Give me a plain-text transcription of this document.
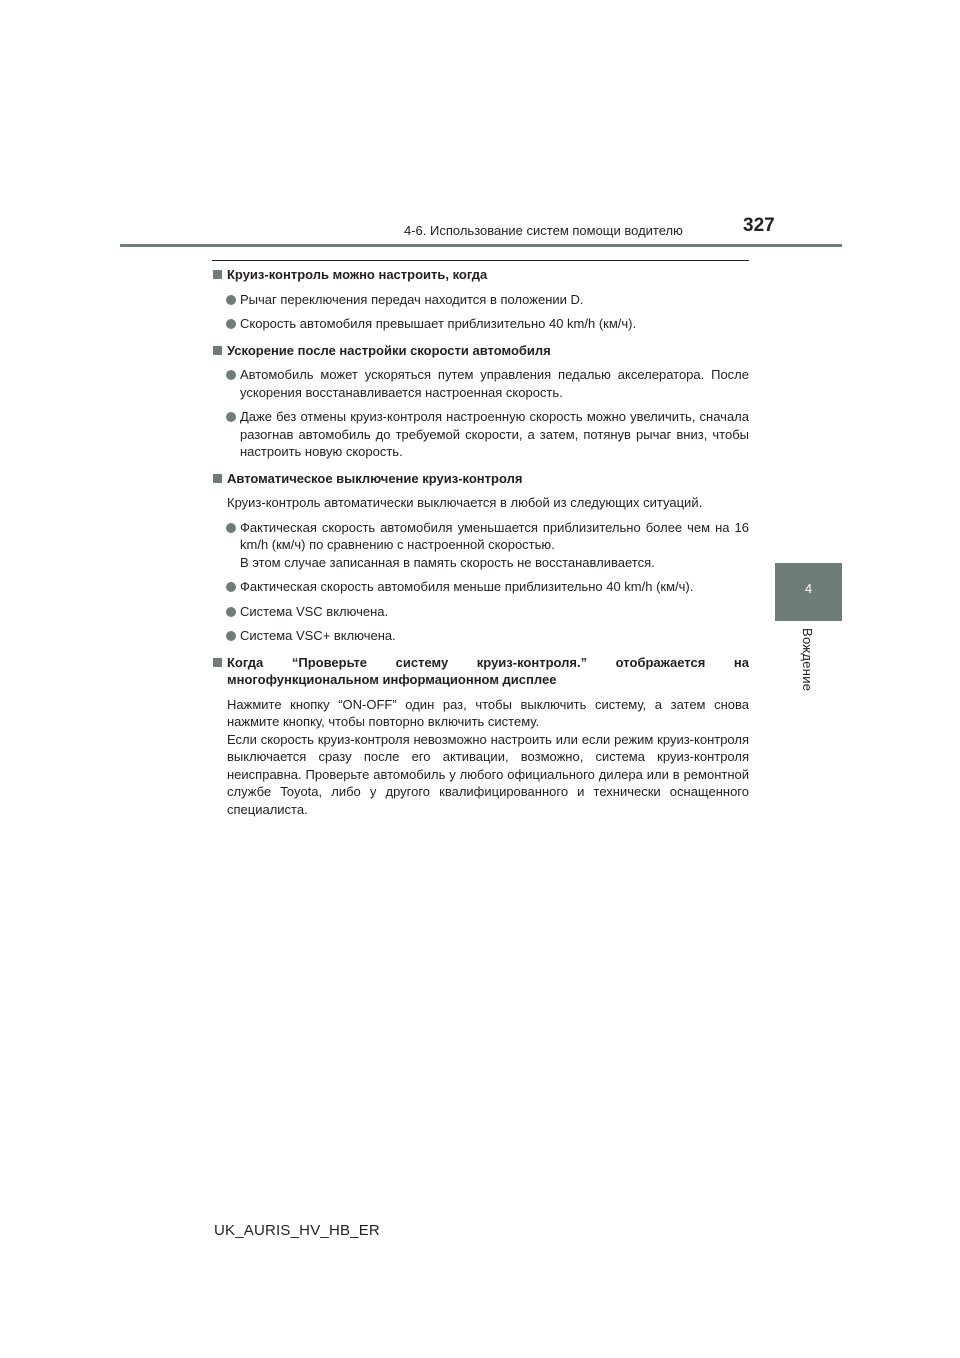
4-6. Использование систем помощи водителю	327
4
Вождение
Круиз-контроль можно настроить, когда
Рычаг переключения передач находится в положении D.
Скорость автомобиля превышает приблизительно 40 km/h (км/ч).
Ускорение после настройки скорости автомобиля
Автомобиль может ускоряться путем управления педалью акселератора. После ускорения восстанавливается настроенная скорость.
Даже без отмены круиз-контроля настроенную скорость можно увеличить, сначала разогнав автомобиль до требуемой скорости, а затем, потянув рычаг вниз, чтобы настроить новую скорость.
Автоматическое выключение круиз-контроля
Круиз-контроль автоматически выключается в любой из следующих ситуаций.
Фактическая скорость автомобиля уменьшается приблизительно более чем на 16 km/h (км/ч) по сравнению с настроенной скоростью.
В этом случае записанная в память скорость не восстанавливается.
Фактическая скорость автомобиля меньше приблизительно 40 km/h (км/ч).
Система VSC включена.
Система VSC+ включена.
Когда “Проверьте систему круиз-контроля.” отображается на многофункциональном информационном дисплее
Нажмите кнопку “ON-OFF” один раз, чтобы выключить систему, а затем снова нажмите кнопку, чтобы повторно включить систему.
Если скорость круиз-контроля невозможно настроить или если режим круиз-контроля выключается сразу после его активации, возможно, система круиз-контроля неисправна. Проверьте автомобиль у любого официального дилера или в ремонтной службе Toyota, либо у другого квалифицированного и технически оснащенного специалиста.
UK_AURIS_HV_HB_ER
